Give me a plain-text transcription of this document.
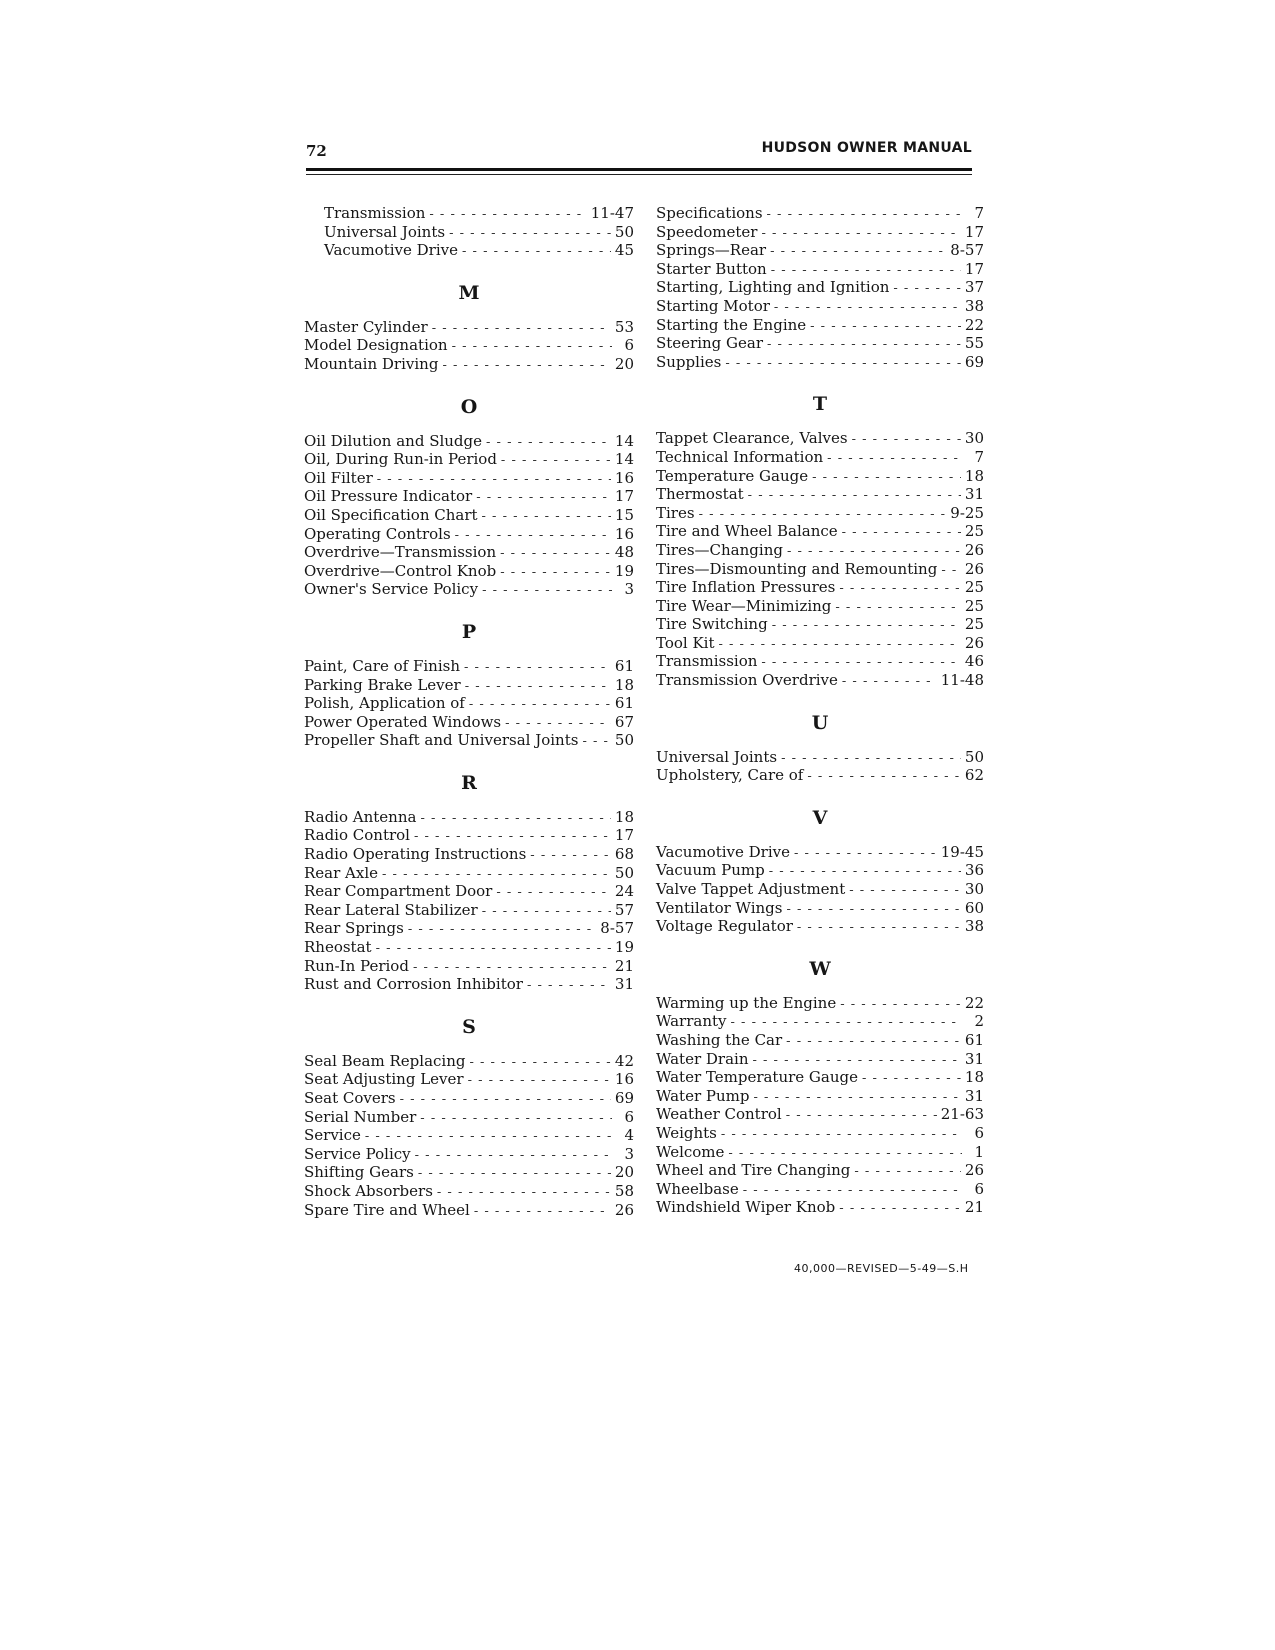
72	HUDSON OWNER MANUAL
Transmission - - -	11-47
Universal Joints - - -	50
Vacumotive Drive - - -	45
M
Master Cylinder - - -	53
Model Designation - - -	6
Mountain Driving - - -	20
O
Oil Dilution and Sludge - - -	14
Oil, During Run-in Period - - -	14
Oil Filter - - -	16
Oil Pressure Indicator - - -	17
Oil Specification Chart - - -	15
Operating Controls - - -	16
Overdrive—Transmission - - -	48
Overdrive—Control Knob - - -	19
Owner's Service Policy - - -	3
P
Paint, Care of Finish - - -	61
Parking Brake Lever - - -	18
Polish, Application of - - -	61
Power Operated Windows - - -	67
Propeller Shaft and Universal Joints - - - 50
R
Radio Antenna - - -	18
Radio Control - - -	17
Radio Operating Instructions - - -	68
Rear Axle - - -	50
Rear Compartment Door - - -	24
Rear Lateral Stabilizer - - -	57
Rear Springs - - -	8-57
Rheostat - - -	19
Run-In Period - - -	21
Rust and Corrosion Inhibitor - - -	31
S
Seal Beam Replacing - - -	42
Seat Adjusting Lever - - -	16
Seat Covers - - -	69
Serial Number - - -	6
Service - - -	4
Service Policy - - -	3
Shifting Gears - - -	20
Shock Absorbers - - -	58
Spare Tire and Wheel - - -	26
Specifications - - -	7
Speedometer - - -	17
Springs—Rear - - -	8-57
Starter Button - - -	17
Starting, Lighting and Ignition - - -	37
Starting Motor - - -	38
Starting the Engine - - -	22
Steering Gear - - -	55
Supplies - - -	69
T
Tappet Clearance, Valves - - -	30
Technical Information - - -	7
Temperature Gauge - - -	18
Thermostat - - -	31
Tires - - -	9-25
Tire and Wheel Balance - - -	25
Tires—Changing - - -	26
Tires—Dismounting and Remounting - - - 26
Tire Inflation Pressures - - -	25
Tire Wear—Minimizing - - -	25
Tire Switching - - -	25
Tool Kit - - -	26
Transmission - - -	46
Transmission Overdrive - - -	11-48
U
Universal Joints - - -	50
Upholstery, Care of - - -	62
V
Vacumotive Drive - - -	19-45
Vacuum Pump - - -	36
Valve Tappet Adjustment - - -	30
Ventilator Wings - - -	60
Voltage Regulator - - -	38
W
Warming up the Engine - - -	22
Warranty - - -	2
Washing the Car - - -	61
Water Drain - - -	31
Water Temperature Gauge - - -	18
Water Pump - - -	31
Weather Control - - -	21-63
Weights - - -	6
Welcome - - -	1
Wheel and Tire Changing - - -	26
Wheelbase - - -	6
Windshield Wiper Knob - - -	21
40,000—REVISED—5-49—S.H
